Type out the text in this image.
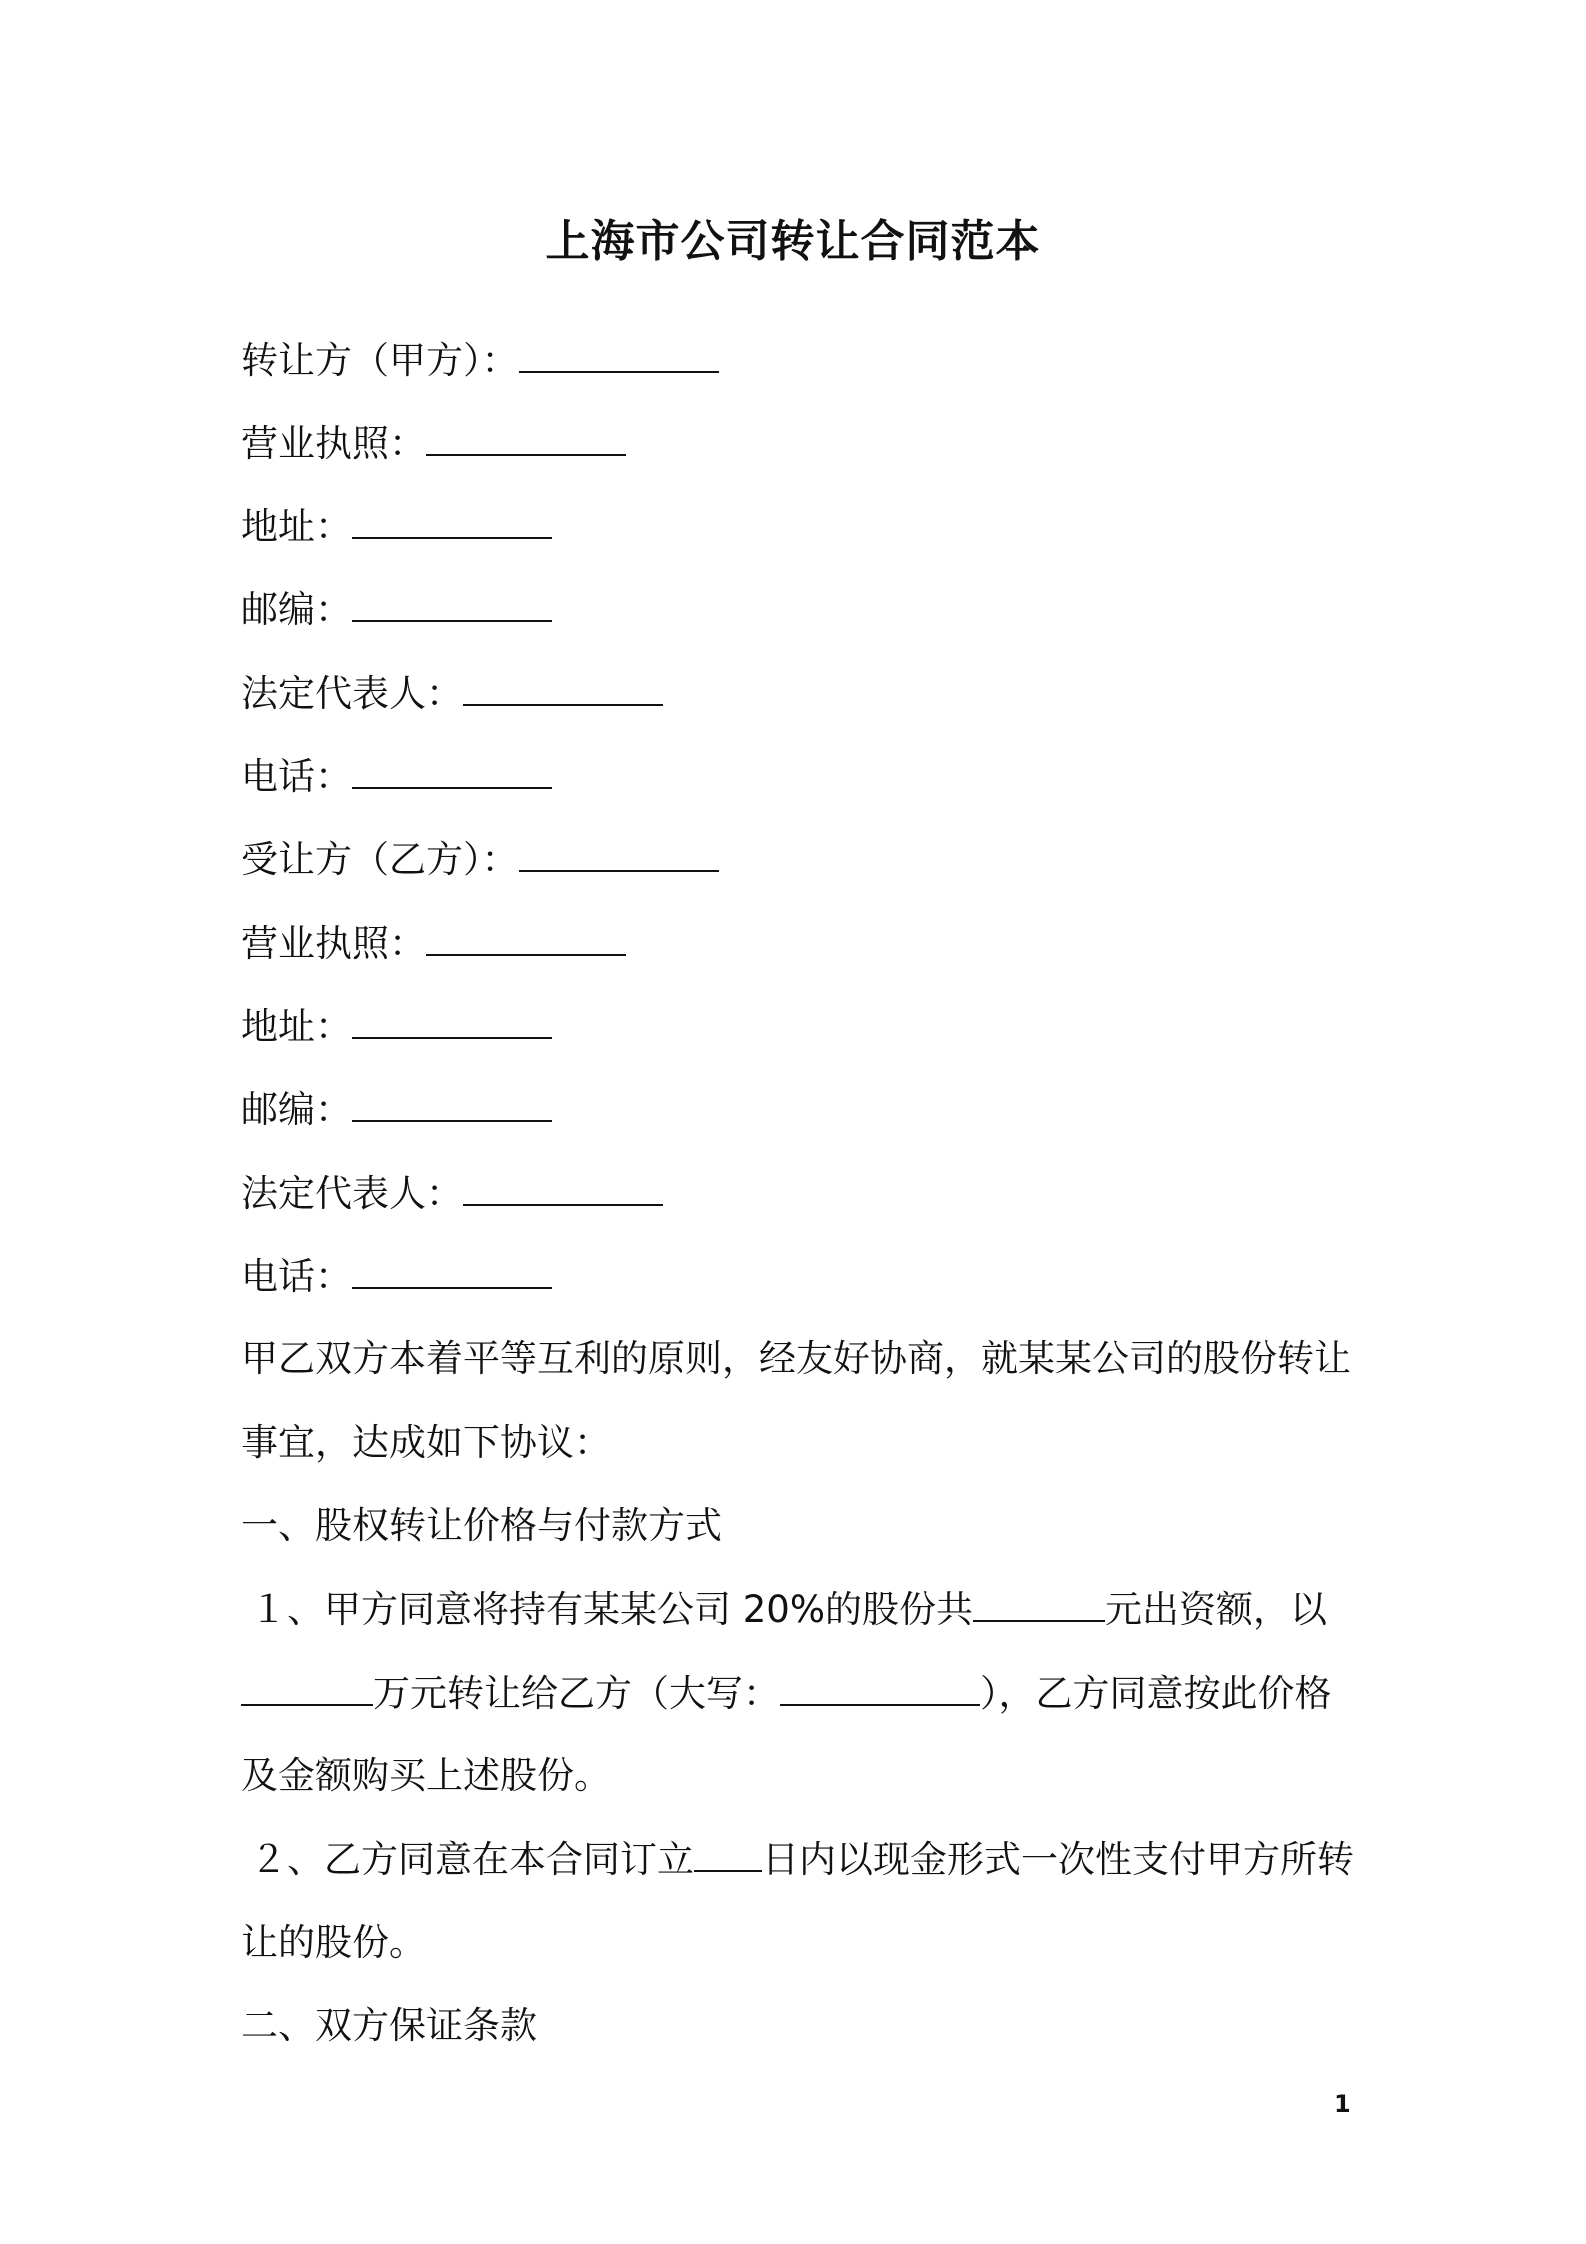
上海市公司转让合同范本

转让方（甲方）：

营业执照：

地址：

邮编：

法定代表人：

电话：

受让方（乙方）：

营业执照：

地址：

邮编：

法定代表人：

电话：

甲乙双方本着平等互利的原则，经友好协商，就某某公司的股份转让

事宜，达成如下协议：

一、股权转让价格与付款方式

１、甲方同意将持有某某公司 20%的股份共	元出资额，以

万元转让给乙方（大写：	），乙方同意按此价格

及金额购买上述股份。

２、乙方同意在本合同订立 日内以现金形式一次性支付甲方所转

让的股份。

二、双方保证条款

1
